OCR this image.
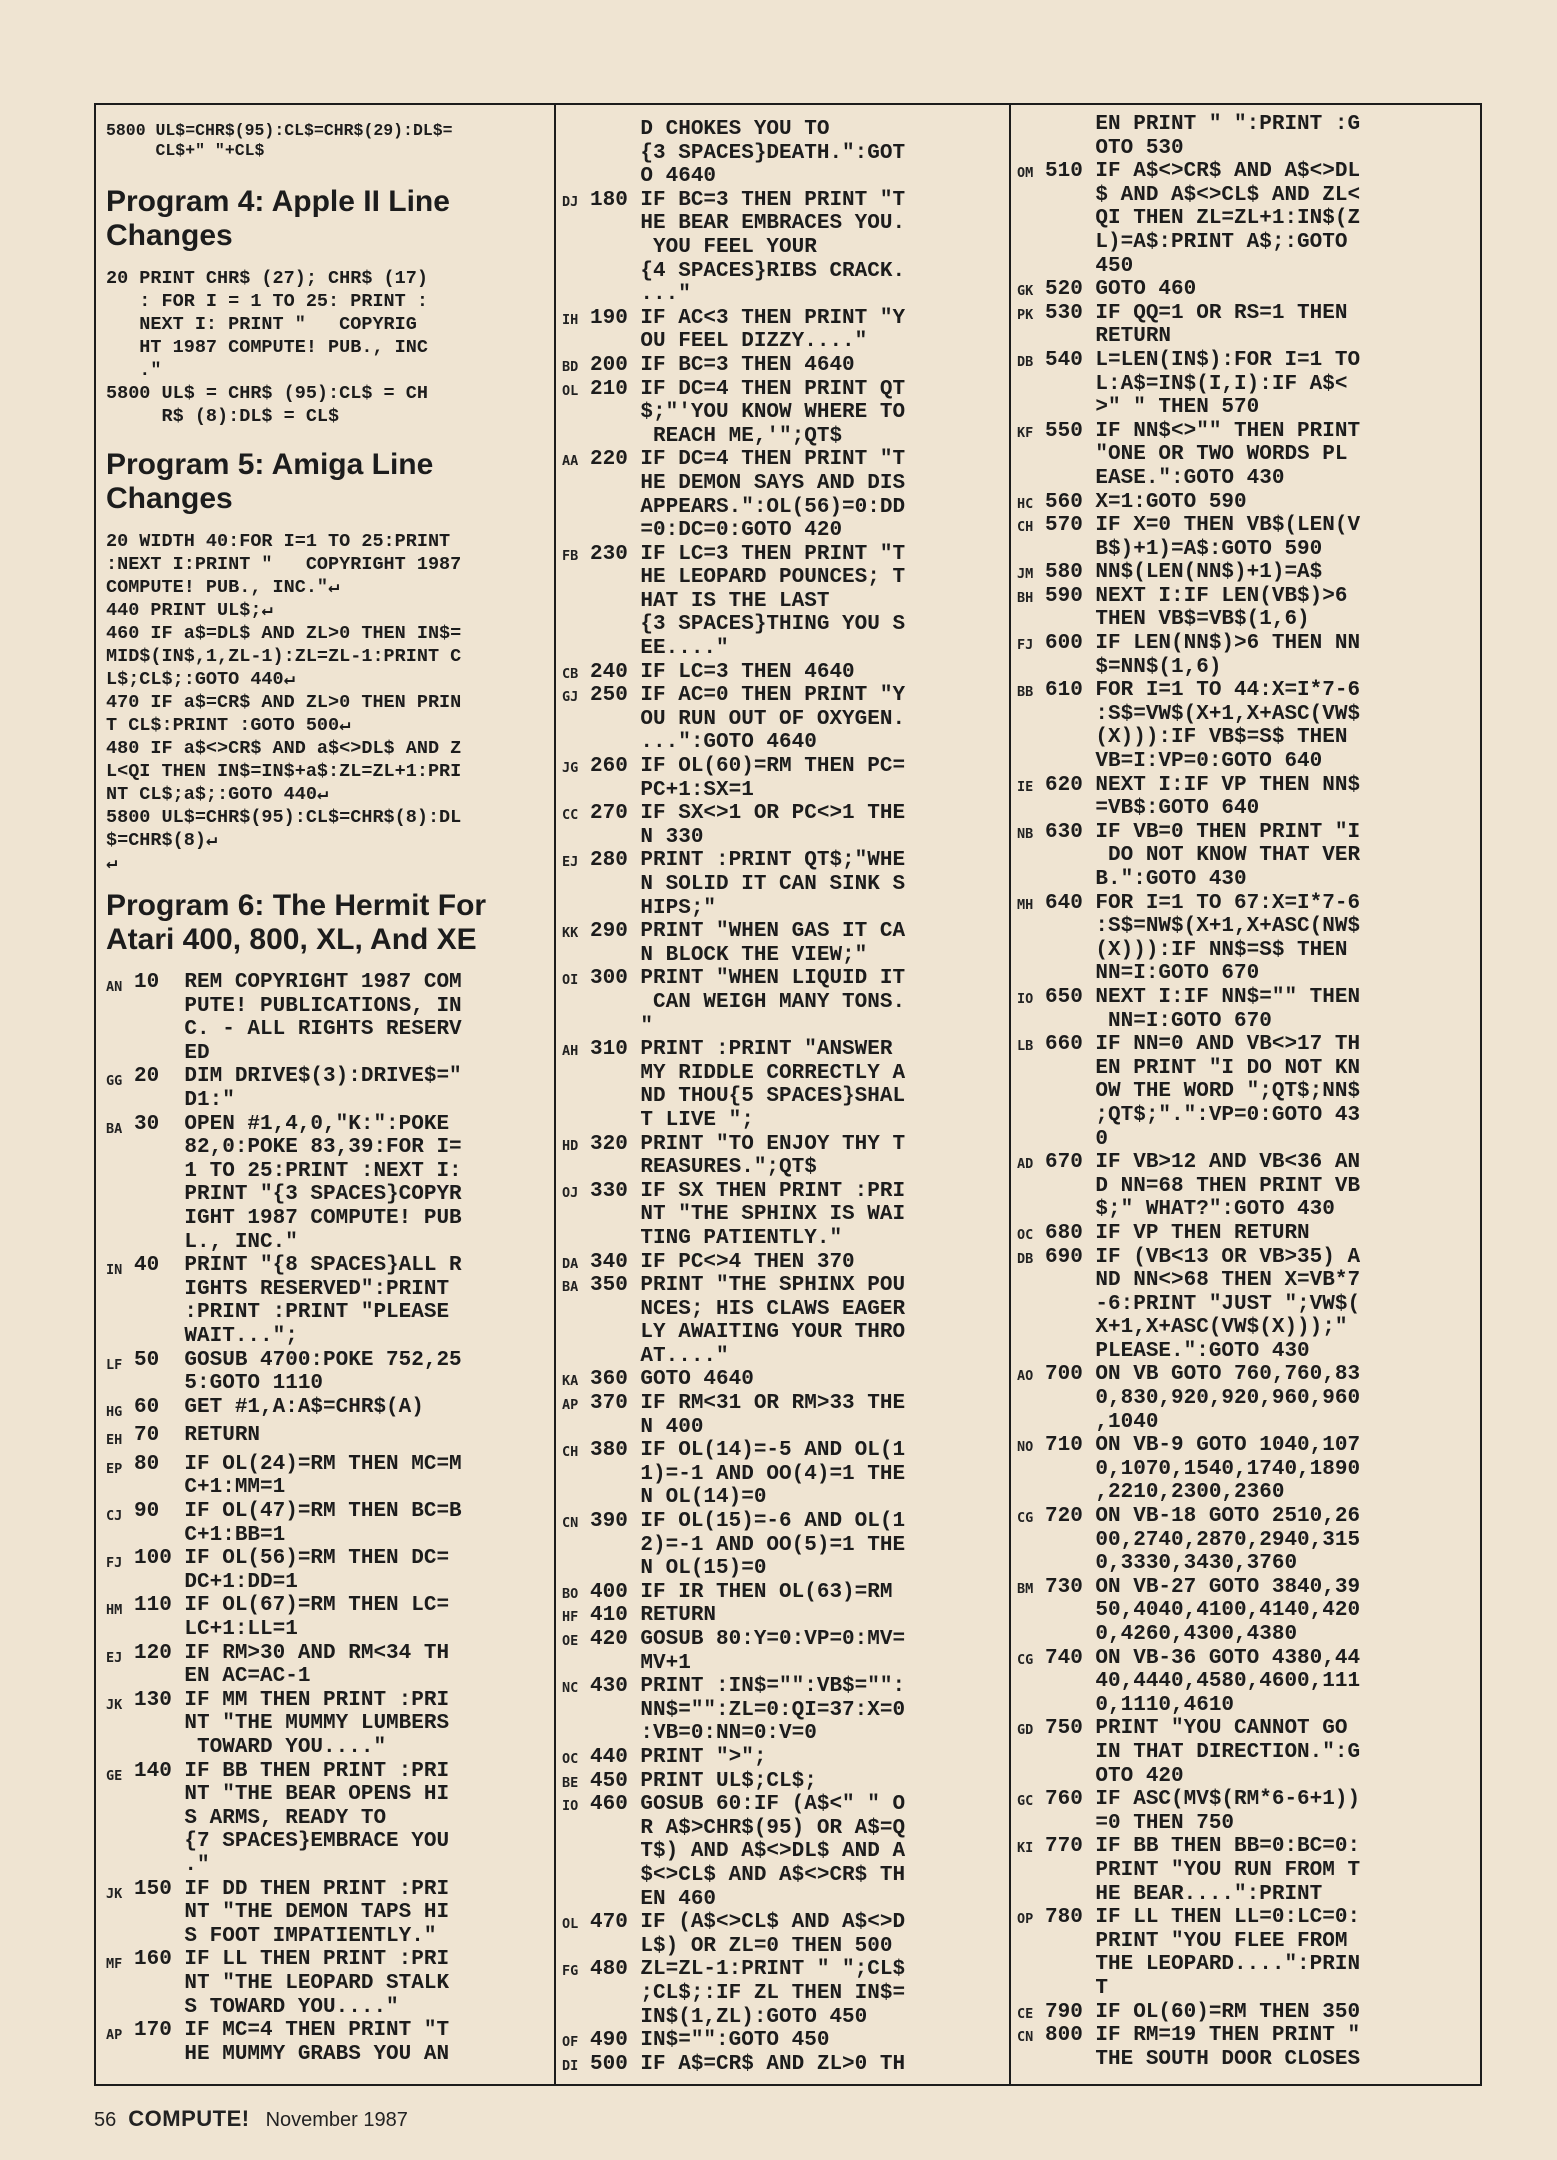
5800 UL$=CHR$(95):CL$=CHR$(29):DL$=
CL$+" "+CL$
Program 4: Apple II Line
Changes
20 PRINT CHR$ (27); CHR$ (17)
: FOR I = 1 TO 25: PRINT :
NEXT I: PRINT "   COPYRIG
HT 1987 COMPUTE! PUB., INC
."
5800 UL$ = CHR$ (95):CL$ = CH
R$ (8):DL$ = CL$
Program 5: Amiga Line
Changes
20 WIDTH 40:FOR I=1 TO 25:PRINT
:NEXT I:PRINT "   COPYRIGHT 1987
COMPUTE! PUB., INC."↵
440 PRINT UL$;↵
460 IF a$=DL$ AND ZL>0 THEN IN$=
MID$(IN$,1,ZL-1):ZL=ZL-1:PRINT C
L$;CL$;:GOTO 440↵
470 IF a$=CR$ AND ZL>0 THEN PRIN
T CL$:PRINT :GOTO 500↵
480 IF a$<>CR$ AND a$<>DL$ AND Z
L<QI THEN IN$=IN$+a$:ZL=ZL+1:PRI
NT CL$;a$;:GOTO 440↵
5800 UL$=CHR$(95):CL$=CHR$(8):DL
$=CHR$(8)↵
↵
Program 6: The Hermit For
Atari 400, 800, XL, And XE
AN 10  REM COPYRIGHT 1987 COM
PUTE! PUBLICATIONS, IN
C. - ALL RIGHTS RESERV
ED
GG 20  DIM DRIVE$(3):DRIVE$="
D1:"
BA 30  OPEN #1,4,0,"K:":POKE
82,0:POKE 83,39:FOR I=
1 TO 25:PRINT :NEXT I:
PRINT "{3 SPACES}COPYR
IGHT 1987 COMPUTE! PUB
L., INC."
IN 40  PRINT "{8 SPACES}ALL R
IGHTS RESERVED":PRINT
:PRINT :PRINT "PLEASE
WAIT...";
LF 50  GOSUB 4700:POKE 752,25
5:GOTO 1110
HG 60  GET #1,A:A$=CHR$(A)
EH 70  RETURN
EP 80  IF OL(24)=RM THEN MC=M
C+1:MM=1
CJ 90  IF OL(47)=RM THEN BC=B
C+1:BB=1
FJ 100 IF OL(56)=RM THEN DC=
DC+1:DD=1
HM 110 IF OL(67)=RM THEN LC=
LC+1:LL=1
EJ 120 IF RM>30 AND RM<34 TH
EN AC=AC-1
JK 130 IF MM THEN PRINT :PRI
NT "THE MUMMY LUMBERS
TOWARD YOU...."
GE 140 IF BB THEN PRINT :PRI
NT "THE BEAR OPENS HI
S ARMS, READY TO
{7 SPACES}EMBRACE YOU
."
JK 150 IF DD THEN PRINT :PRI
NT "THE DEMON TAPS HI
S FOOT IMPATIENTLY."
MF 160 IF LL THEN PRINT :PRI
NT "THE LEOPARD STALK
S TOWARD YOU...."
AP 170 IF MC=4 THEN PRINT "T
HE MUMMY GRABS YOU AN
D CHOKES YOU TO
{3 SPACES}DEATH.":GOT
O 4640
DJ 180 IF BC=3 THEN PRINT "T
HE BEAR EMBRACES YOU.
YOU FEEL YOUR
{4 SPACES}RIBS CRACK.
..."
IH 190 IF AC<3 THEN PRINT "Y
OU FEEL DIZZY...."
BD 200 IF BC=3 THEN 4640
OL 210 IF DC=4 THEN PRINT QT
$;"'YOU KNOW WHERE TO
REACH ME,'";QT$
AA 220 IF DC=4 THEN PRINT "T
HE DEMON SAYS AND DIS
APPEARS.":OL(56)=0:DD
=0:DC=0:GOTO 420
FB 230 IF LC=3 THEN PRINT "T
HE LEOPARD POUNCES; T
HAT IS THE LAST
{3 SPACES}THING YOU S
EE...."
CB 240 IF LC=3 THEN 4640
GJ 250 IF AC=0 THEN PRINT "Y
OU RUN OUT OF OXYGEN.
...":GOTO 4640
JG 260 IF OL(60)=RM THEN PC=
PC+1:SX=1
CC 270 IF SX<>1 OR PC<>1 THE
N 330
EJ 280 PRINT :PRINT QT$;"WHE
N SOLID IT CAN SINK S
HIPS;"
KK 290 PRINT "WHEN GAS IT CA
N BLOCK THE VIEW;"
OI 300 PRINT "WHEN LIQUID IT
CAN WEIGH MANY TONS.
"
AH 310 PRINT :PRINT "ANSWER
MY RIDDLE CORRECTLY A
ND THOU{5 SPACES}SHAL
T LIVE ";
HD 320 PRINT "TO ENJOY THY T
REASURES.";QT$
OJ 330 IF SX THEN PRINT :PRI
NT "THE SPHINX IS WAI
TING PATIENTLY."
DA 340 IF PC<>4 THEN 370
BA 350 PRINT "THE SPHINX POU
NCES; HIS CLAWS EAGER
LY AWAITING YOUR THRO
AT...."
KA 360 GOTO 4640
AP 370 IF RM<31 OR RM>33 THE
N 400
CH 380 IF OL(14)=-5 AND OL(1
1)=-1 AND OO(4)=1 THE
N OL(14)=0
CN 390 IF OL(15)=-6 AND OL(1
2)=-1 AND OO(5)=1 THE
N OL(15)=0
BO 400 IF IR THEN OL(63)=RM
HF 410 RETURN
OE 420 GOSUB 80:Y=0:VP=0:MV=
MV+1
NC 430 PRINT :IN$="":VB$="":
NN$="":ZL=0:QI=37:X=0
:VB=0:NN=0:V=0
OC 440 PRINT ">";
BE 450 PRINT UL$;CL$;
IO 460 GOSUB 60:IF (A$<" " O
R A$>CHR$(95) OR A$=Q
T$) AND A$<>DL$ AND A
$<>CL$ AND A$<>CR$ TH
EN 460
OL 470 IF (A$<>CL$ AND A$<>D
L$) OR ZL=0 THEN 500
FG 480 ZL=ZL-1:PRINT " ";CL$
;CL$;:IF ZL THEN IN$=
IN$(1,ZL):GOTO 450
OF 490 IN$="":GOTO 450
DI 500 IF A$=CR$ AND ZL>0 TH
EN PRINT " ":PRINT :G
OTO 530
OM 510 IF A$<>CR$ AND A$<>DL
$ AND A$<>CL$ AND ZL<
QI THEN ZL=ZL+1:IN$(Z
L)=A$:PRINT A$;:GOTO
450
GK 520 GOTO 460
PK 530 IF QQ=1 OR RS=1 THEN
RETURN
DB 540 L=LEN(IN$):FOR I=1 TO
L:A$=IN$(I,I):IF A$<
>" " THEN 570
KF 550 IF NN$<>"" THEN PRINT
"ONE OR TWO WORDS PL
EASE.":GOTO 430
HC 560 X=1:GOTO 590
CH 570 IF X=0 THEN VB$(LEN(V
B$)+1)=A$:GOTO 590
JM 580 NN$(LEN(NN$)+1)=A$
BH 590 NEXT I:IF LEN(VB$)>6
THEN VB$=VB$(1,6)
FJ 600 IF LEN(NN$)>6 THEN NN
$=NN$(1,6)
BB 610 FOR I=1 TO 44:X=I*7-6
:S$=VW$(X+1,X+ASC(VW$
(X))):IF VB$=S$ THEN
VB=I:VP=0:GOTO 640
IE 620 NEXT I:IF VP THEN NN$
=VB$:GOTO 640
NB 630 IF VB=0 THEN PRINT "I
DO NOT KNOW THAT VER
B.":GOTO 430
MH 640 FOR I=1 TO 67:X=I*7-6
:S$=NW$(X+1,X+ASC(NW$
(X))):IF NN$=S$ THEN
NN=I:GOTO 670
IO 650 NEXT I:IF NN$="" THEN
NN=I:GOTO 670
LB 660 IF NN=0 AND VB<>17 TH
EN PRINT "I DO NOT KN
OW THE WORD ";QT$;NN$
;QT$;".":VP=0:GOTO 43
0
AD 670 IF VB>12 AND VB<36 AN
D NN=68 THEN PRINT VB
$;" WHAT?":GOTO 430
OC 680 IF VP THEN RETURN
DB 690 IF (VB<13 OR VB>35) A
ND NN<>68 THEN X=VB*7
-6:PRINT "JUST ";VW$(
X+1,X+ASC(VW$(X)));"
PLEASE.":GOTO 430
AO 700 ON VB GOTO 760,760,83
0,830,920,920,960,960
,1040
NO 710 ON VB-9 GOTO 1040,107
0,1070,1540,1740,1890
,2210,2300,2360
CG 720 ON VB-18 GOTO 2510,26
00,2740,2870,2940,315
0,3330,3430,3760
BM 730 ON VB-27 GOTO 3840,39
50,4040,4100,4140,420
0,4260,4300,4380
CG 740 ON VB-36 GOTO 4380,44
40,4440,4580,4600,111
0,1110,4610
GD 750 PRINT "YOU CANNOT GO
IN THAT DIRECTION.":G
OTO 420
GC 760 IF ASC(MV$(RM*6-6+1))
=0 THEN 750
KI 770 IF BB THEN BB=0:BC=0:
PRINT "YOU RUN FROM T
HE BEAR....":PRINT
OP 780 IF LL THEN LL=0:LC=0:
PRINT "YOU FLEE FROM
THE LEOPARD....":PRIN
T
CE 790 IF OL(60)=RM THEN 350
CN 800 IF RM=19 THEN PRINT "
THE SOUTH DOOR CLOSES
56 COMPUTE! November 1987
